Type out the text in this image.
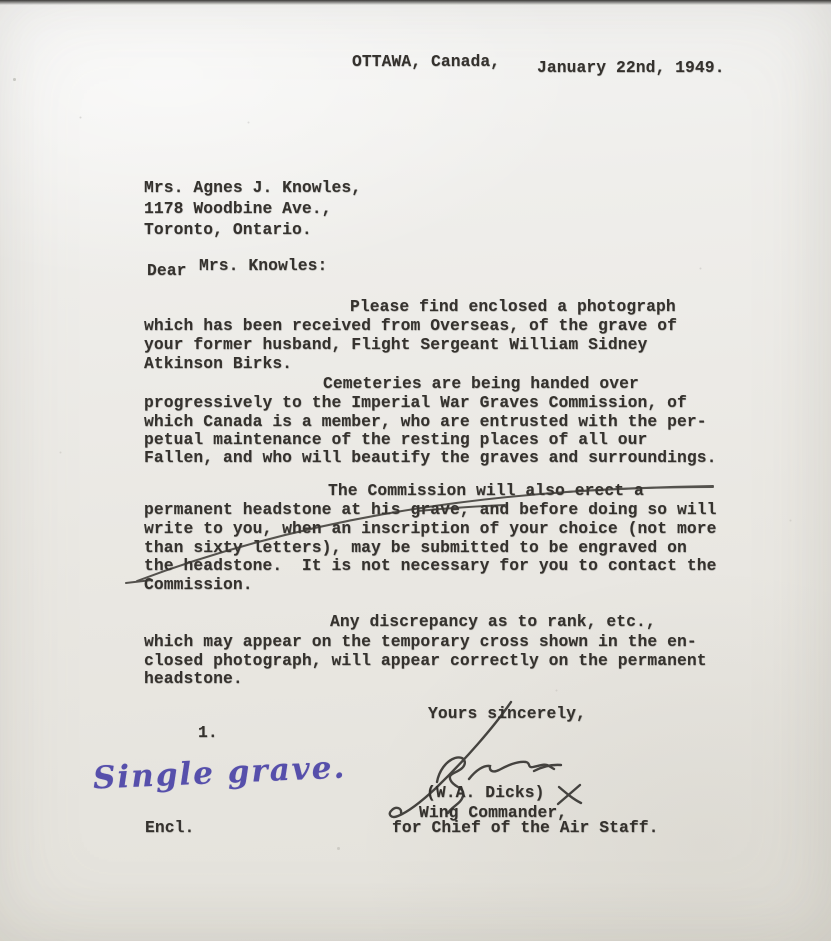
OTTAWA, Canada, January 22nd, 1949.
Mrs. Agnes J. Knowles,
1178 Woodbine Ave.,
Toronto, Ontario.
Dear Mrs. Knowles:
Please find enclosed a photograph
which has been received from Overseas, of the grave of
your former husband, Flight Sergeant William Sidney
Atkinson Birks.
Cemeteries are being handed over
progressively to the Imperial War Graves Commission, of
which Canada is a member, who are entrusted with the per-
petual maintenance of the resting places of all our
Fallen, and who will beautify the graves and surroundings.
The Commission will also erect a
permanent headstone at his grave, and before doing so will
write to you, when an inscription of your choice (not more
than sixty letters), may be submitted to be engraved on
the headstone.  It is not necessary for you to contact the
Commission.
Any discrepancy as to rank, etc.,
which may appear on the temporary cross shown in the en-
closed photograph, will appear correctly on the permanent
headstone.
Yours sincerely,
1.
Single grave.	(W.A. Dicks)
Wing Commander,
for Chief of the Air Staff.
Encl.
